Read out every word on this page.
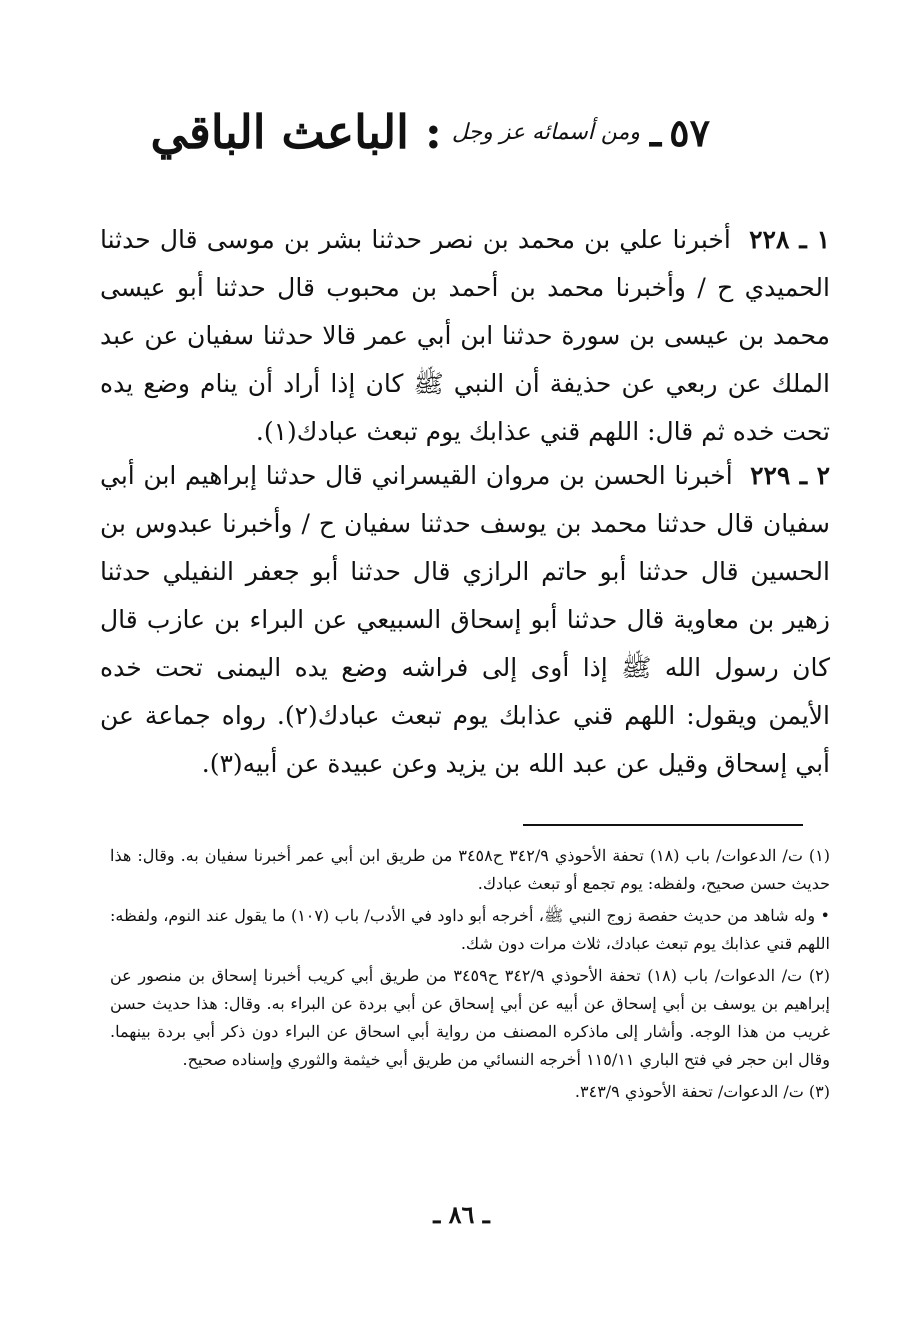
٥٧
ـ
ومن أسمائه عز وجل
: الباعث الباقي

١ ـ ٢٢٨  أخبرنا علي بن محمد بن نصر حدثنا بشر بن موسى قال حدثنا الحميدي ح / وأخبرنا محمد بن أحمد بن محبوب قال حدثنا أبو عيسى محمد بن عيسى بن سورة حدثنا ابن أبي عمر قالا حدثنا سفيان عن عبد الملك عن ربعي عن حذيفة أن النبي ﷺ كان إذا أراد أن ينام وضع يده تحت خده ثم قال: اللهم قني عذابك يوم تبعث عبادك(١).

٢ ـ ٢٢٩  أخبرنا الحسن بن مروان القيسراني قال حدثنا إبراهيم ابن أبي سفيان قال حدثنا محمد بن يوسف حدثنا سفيان ح / وأخبرنا عبدوس بن الحسين قال حدثنا أبو حاتم الرازي قال حدثنا أبو جعفر النفيلي حدثنا زهير بن معاوية قال حدثنا أبو إسحاق السبيعي عن البراء بن عازب قال كان رسول الله ﷺ إذا أوى إلى فراشه وضع يده اليمنى تحت خده الأيمن ويقول: اللهم قني عذابك يوم تبعث عبادك(٢). رواه جماعة عن أبي إسحاق وقيل عن عبد الله بن يزيد وعن عبيدة عن أبيه(٣).

(١) ت/ الدعوات/ باب (١٨) تحفة الأحوذي ٣٤٢/٩ ح٣٤٥٨ من طريق ابن أبي عمر أخبرنا سفيان به. وقال: هذا حديث حسن صحيح، ولفظه: يوم تجمع أو تبعث عبادك.

• وله شاهد من حديث حفصة زوج النبي ﷺ، أخرجه أبو داود في الأدب/ باب (١٠٧) ما يقول عند النوم، ولفظه: اللهم قني عذابك يوم تبعث عبادك، ثلاث مرات دون شك.

(٢) ت/ الدعوات/ باب (١٨) تحفة الأحوذي ٣٤٢/٩ ح٣٤٥٩ من طريق أبي كريب أخبرنا إسحاق بن منصور عن إبراهيم بن يوسف بن أبي إسحاق عن أبيه عن أبي إسحاق عن أبي بردة عن البراء به. وقال: هذا حديث حسن غريب من هذا الوجه. وأشار إلى ماذكره المصنف من رواية أبي اسحاق عن البراء دون ذكر أبي بردة بينهما. وقال ابن حجر في فتح الباري ١١٥/١١ أخرجه النسائي من طريق أبي خيثمة والثوري وإسناده صحيح.

(٣) ت/ الدعوات/ تحفة الأحوذي ٣٤٣/٩.

ـ ٨٦ ـ
